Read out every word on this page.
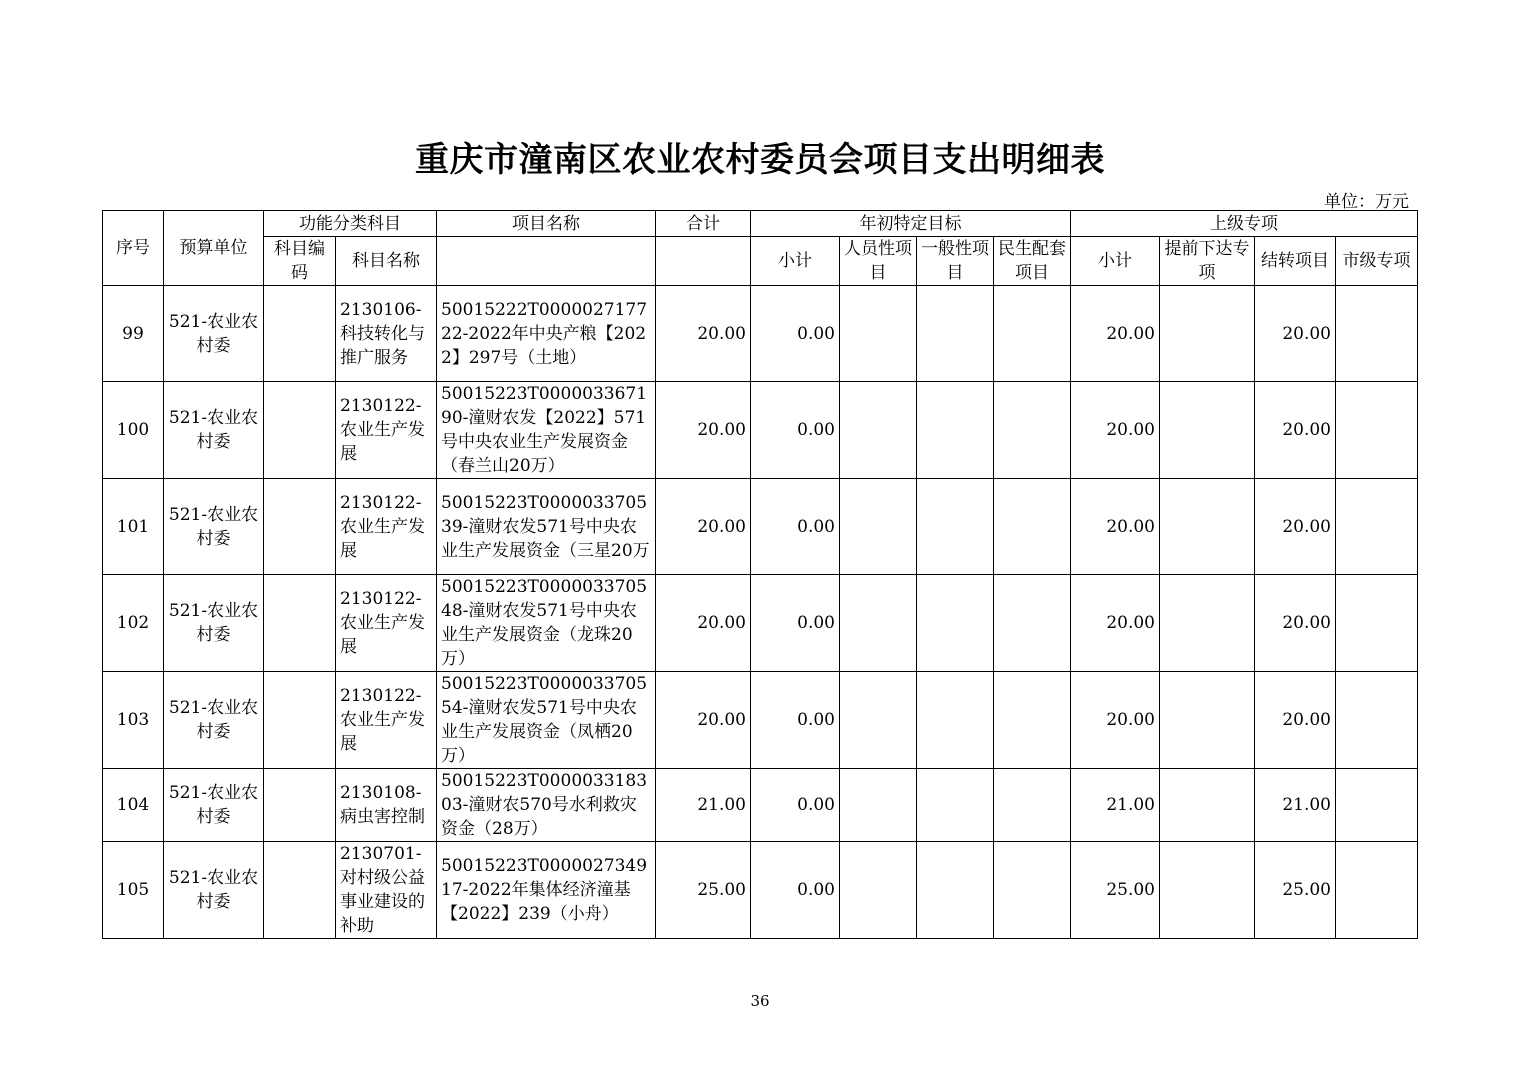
重庆市潼南区农业农村委员会项目支出明细表
单位：万元
序号	预算单位	功能分类科目		项目名称	合计	年初特定目标				上级专项			
		科目编码	科目名称			小计	人员性项目	一般性项目	民生配套项目	小计	提前下达专项	结转项目	市级专项
99	521-农业农村委		2130106-科技转化与推广服务	50015222T000002717722-2022年中央产粮【2022】297号（土地）	20.00	0.00				20.00		20.00	
100	521-农业农村委		2130122-农业生产发展	50015223T000003367190-潼财农发【2022】571号中央农业生产发展资金（春兰山20万）	20.00	0.00				20.00		20.00	
101	521-农业农村委		2130122-农业生产发展	50015223T000003370539-潼财农发571号中央农业生产发展资金（三星20万	20.00	0.00				20.00		20.00	
102	521-农业农村委		2130122-农业生产发展	50015223T000003370548-潼财农发571号中央农业生产发展资金（龙珠20万）	20.00	0.00				20.00		20.00	
103	521-农业农村委		2130122-农业生产发展	50015223T000003370554-潼财农发571号中央农业生产发展资金（凤栖20万）	20.00	0.00				20.00		20.00	
104	521-农业农村委		2130108-病虫害控制	50015223T000003318303-潼财农570号水利救灾资金（28万）	21.00	0.00				21.00		21.00	
105	521-农业农村委		2130701-对村级公益事业建设的补助	50015223T000002734917-2022年集体经济潼基【2022】239（小舟）	25.00	0.00				25.00		25.00	
36
